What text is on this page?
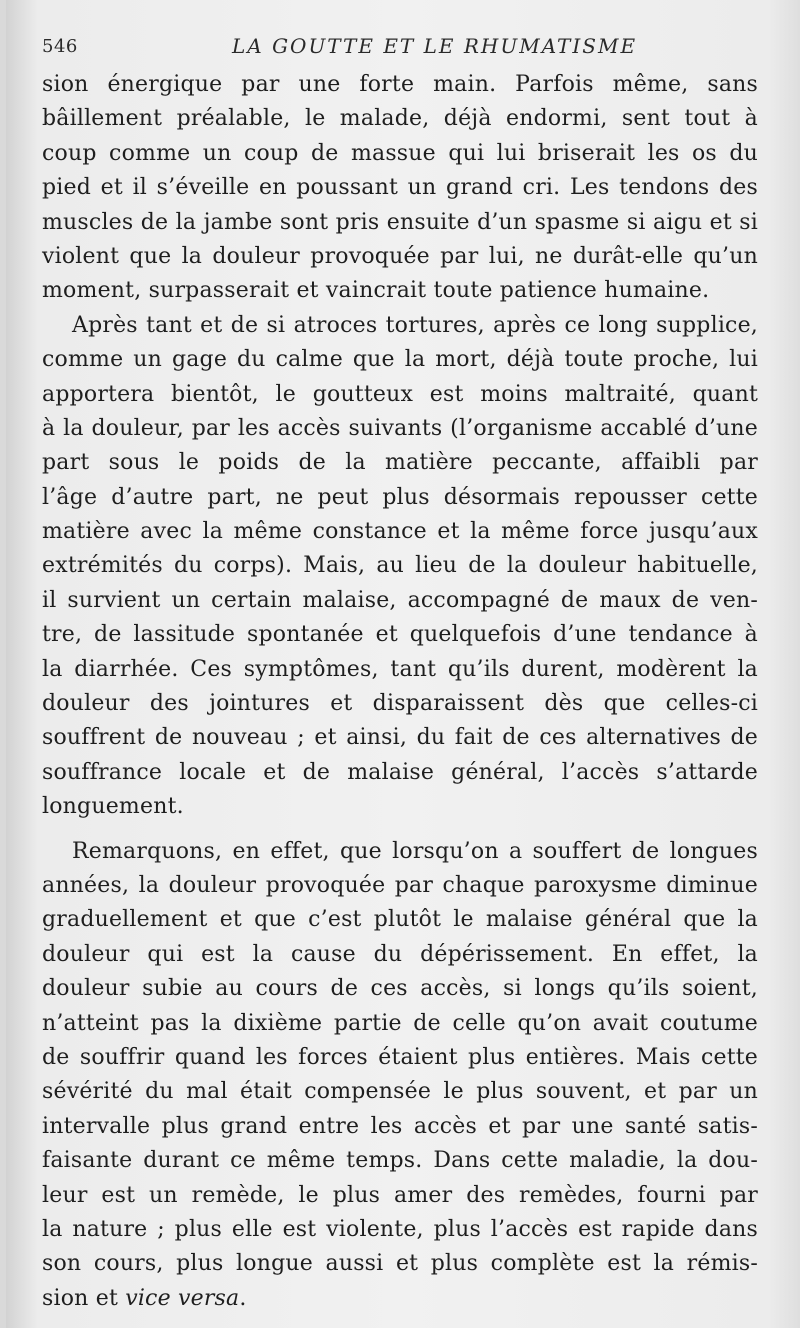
546	LA GOUTTE ET LE RHUMATISME
sion énergique par une forte main. Parfois même, sans
bâillement préalable, le malade, déjà endormi, sent tout à
coup comme un coup de massue qui lui briserait les os du
pied et il s’éveille en poussant un grand cri. Les tendons des
muscles de la jambe sont pris ensuite d’un spasme si aigu et si
violent que la douleur provoquée par lui, ne durât-elle qu’un
moment, surpasserait et vaincrait toute patience humaine.
Après tant et de si atroces tortures, après ce long supplice,
comme un gage du calme que la mort, déjà toute proche, lui
apportera bientôt, le goutteux est moins maltraité, quant
à la douleur, par les accès suivants (l’organisme accablé d’une
part sous le poids de la matière peccante, affaibli par
l’âge d’autre part, ne peut plus désormais repousser cette
matière avec la même constance et la même force jusqu’aux
extrémités du corps). Mais, au lieu de la douleur habituelle,
il survient un certain malaise, accompagné de maux de ven-
tre, de lassitude spontanée et quelquefois d’une tendance à
la diarrhée. Ces symptômes, tant qu’ils durent, modèrent la
douleur des jointures et disparaissent dès que celles-ci
souffrent de nouveau ; et ainsi, du fait de ces alternatives de
souffrance locale et de malaise général, l’accès s’attarde
longuement.
Remarquons, en effet, que lorsqu’on a souffert de longues
années, la douleur provoquée par chaque paroxysme diminue
graduellement et que c’est plutôt le malaise général que la
douleur qui est la cause du dépérissement. En effet, la
douleur subie au cours de ces accès, si longs qu’ils soient,
n’atteint pas la dixième partie de celle qu’on avait coutume
de souffrir quand les forces étaient plus entières. Mais cette
sévérité du mal était compensée le plus souvent, et par un
intervalle plus grand entre les accès et par une santé satis-
faisante durant ce même temps. Dans cette maladie, la dou-
leur est un remède, le plus amer des remèdes, fourni par
la nature ; plus elle est violente, plus l’accès est rapide dans
son cours, plus longue aussi et plus complète est la rémis-
sion et vice versa.
